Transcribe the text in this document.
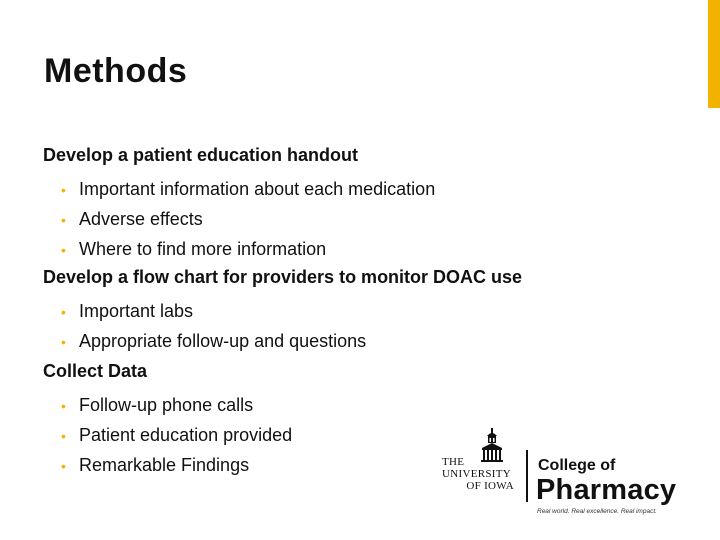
Methods
Develop a patient education handout
• Important information about each medication
• Adverse effects
• Where to find more information
Develop a flow chart for providers to monitor DOAC use
• Important labs
• Appropriate follow-up and questions
Collect Data
• Follow-up phone calls
• Patient education provided
• Remarkable Findings	THE
UNIVERSITY
OF IOWA
College of
Pharmacy
Real world. Real excellence. Real impact.
